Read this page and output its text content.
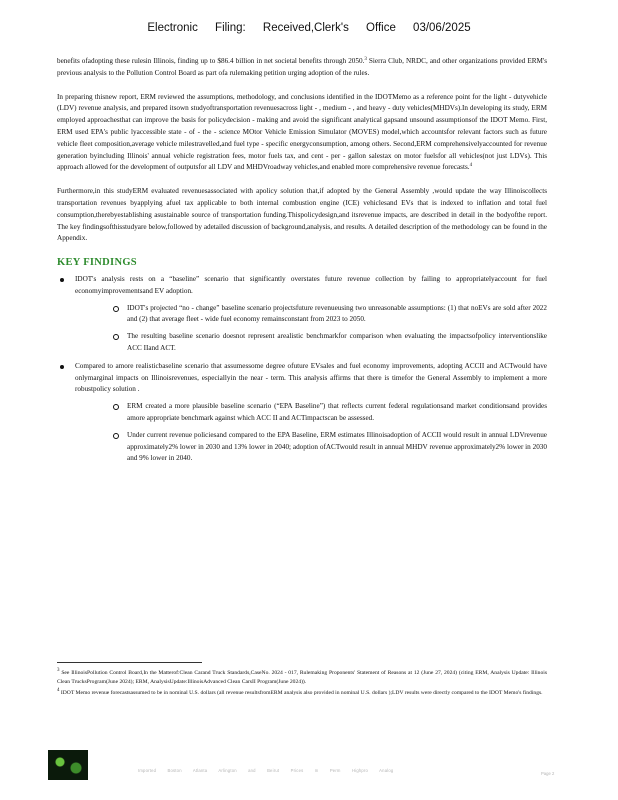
Electronic Filing: Received,Clerk's Office 03/06/2025

benefits ofadopting these rulesin Illinois, finding up to $86.4 billion in net societal benefits through 2050.$^3$ Sierra Club, NRDC, and other organizations provided ERM's previous analysis to the Pollution Control Board as part ofa rulemaking petition urging adoption of the rules.

In preparing thisnew report, ERM reviewed the assumptions, methodology, and conclusions identified in the IDOTMemo as a reference point for the light - dutyvehicle (LDV) revenue analysis, and prepared itsown studyoftransportation revenuesacross light - , medium - , and heavy - duty vehicles(MHDVs).In developing its study, ERM employed approachesthat can improve the basis for policydecision - making and avoid the significant analytical gapsand unsound assumptionsof the IDOT Memo. First, ERM used EPA's public lyaccessible state - of - the - science MOtor Vehicle Emission Simulator (MOVES) model,which accountsfor relevant factors such as future vehicle fleet composition,average vehicle milestravelled,and fuel type - specific energyconsumption, among others. Second,ERM comprehensivelyaccounted for revenue generation byincluding Illinois' annual vehicle registration fees, motor fuels tax, and cent - per - gallon salestax on motor fuelsfor all vehicles(not just LDVs). This approach allowed for the development of outputsfor all LDV and MHDVroadway vehicles,and enabled more comprehensive revenue forecasts.$^4$

Furthermore,in this studyERM evaluated revenuesassociated with apolicy solution that,if adopted by the General Assembly ,would update the way Illinoiscollects transportation revenues byapplying afuel tax applicable to both internal combustion engine (ICE) vehiclesand EVs that is indexed to inflation and total fuel consumption,therebyestablishing asustainable source of transportation funding.Thispolicydesign,and itsrevenue impacts, are described in detail in the bodyofthe report. The key findingsofthisstudyare below,followed by adetailed discussion of background,analysis, and results. A detailed description of the methodology can be found in the Appendix.

KEY FINDINGS
IDOT's analysis rests on a “baseline” scenario that significantly overstates future revenue collection by failing to appropriatelyaccount for fuel economyimprovementsand EV adoption.
IDOT's projected “no - change” baseline scenario projectsfuture revenueusing two unreasonable assumptions: (1) that noEVs are sold after 2022 and (2) that average fleet - wide fuel economy remainsconstant from 2023 to 2050.
The resulting baseline scenario doesnot represent arealistic benchmarkfor comparison when evaluating the impactsofpolicy interventionslike ACC IIand ACT.
Compared to amore realisticbaseline scenario that assumessome degree ofuture EVsales and fuel economy improvements, adopting ACCII and ACTwould have onlymarginal impacts on Illinoisrevenues, especiallyin the near - term. This analysis affirms that there is timefor the General Assembly to implement a more robustpolicy solution .
ERM created a more plausible baseline scenario (“EPA Baseline”) that reflects current federal regulationsand market conditionsand provides amore appropriate benchmark against which ACC II and ACTimpactscan be assessed.
Under current revenue policiesand compared to the EPA Baseline, ERM estimates Illinoisadoption of ACCII would result in annual LDVrevenue approximately2% lower in 2030 and 13% lower in 2040; adoption ofACTwould result in annual MHDV revenue approximately2% lower in 2030 and 9% lower in 2040.

$^3$ See IllinoisPollution Control Board,In the Matterof:Clean Carand Truck Standards,CaseNo. 2024 - 017, Rulemaking Proponents' Statement of Reasons at 12 (June 27, 2024) (citing ERM, Analysis Update: Illinois Clean TrucksProgram(June 2024); ERM, AnalysisUpdate:IllinoisAdvanced Clean CarsII Program(June 2024)).

$^4$ IDOT Memo revenue forecastsassumed to be in nominal U.S. dollars (all revenue resultsfromERM analysis also provided in nominal U.S. dollars );LDV results were directly compared to the IDOT Memo's findings.

Imported Boston Atlanta Arlington and Beirut Prices m Perm Highpro Analog
Page 2
